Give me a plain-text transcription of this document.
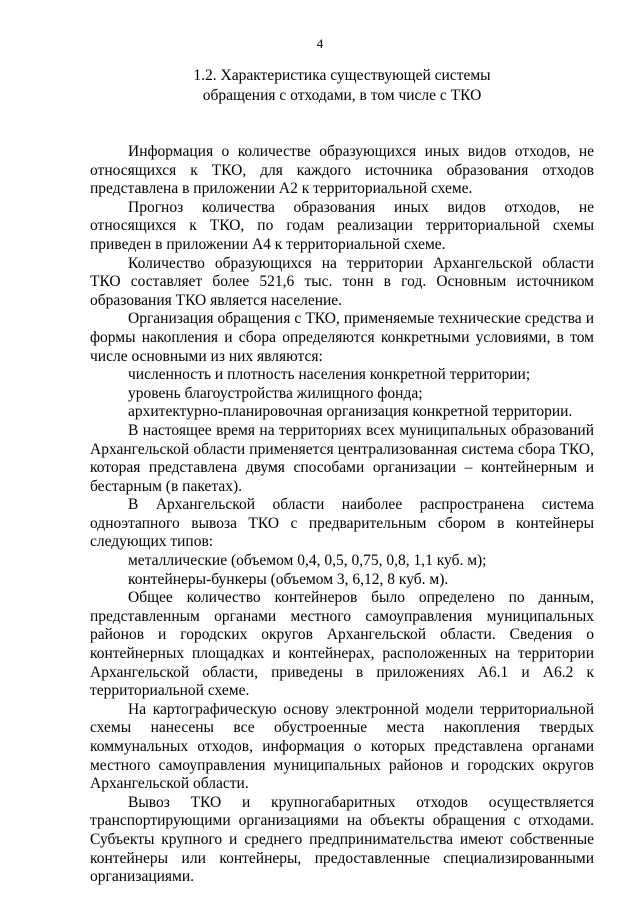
4
1.2. Характеристика существующей системы
обращения с отходами, в том числе с ТКО

Информация о количестве образующихся иных видов отходов, не относящихся к ТКО, для каждого источника образования отходов представлена в приложении А2 к территориальной схеме.

Прогноз количества образования иных видов отходов, не относящихся к ТКО, по годам реализации территориальной схемы приведен в приложении А4 к территориальной схеме.

Количество образующихся на территории Архангельской области ТКО составляет более 521,6 тыс. тонн в год. Основным источником образования ТКО является население.

Организация обращения с ТКО, применяемые технические средства и формы накопления и сбора определяются конкретными условиями, в том числе основными из них являются:

численность и плотность населения конкретной территории;

уровень благоустройства жилищного фонда;

архитектурно-планировочная организация конкретной территории.

В настоящее время на территориях всех муниципальных образований Архангельской области применяется централизованная система сбора ТКО, которая представлена двумя способами организации – контейнерным и бестарным (в пакетах).

В Архангельской области наиболее распространена система одноэтапного вывоза ТКО с предварительным сбором в контейнеры следующих типов:

металлические (объемом 0,4, 0,5, 0,75, 0,8, 1,1 куб. м);

контейнеры-бункеры (объемом 3, 6,12, 8 куб. м).

Общее количество контейнеров было определено по данным, представленным органами местного самоуправления муниципальных районов и городских округов Архангельской области. Сведения о контейнерных площадках и контейнерах, расположенных на территории Архангельской области, приведены в приложениях А6.1 и А6.2 к территориальной схеме.

На картографическую основу электронной модели территориальной схемы нанесены все обустроенные места накопления твердых коммунальных отходов, информация о которых представлена органами местного самоуправления муниципальных районов и городских округов Архангельской области.

Вывоз ТКО и крупногабаритных отходов осуществляется транспортирующими организациями на объекты обращения с отходами. Субъекты крупного и среднего предпринимательства имеют собственные контейнеры или контейнеры, предоставленные специализированными организациями.
